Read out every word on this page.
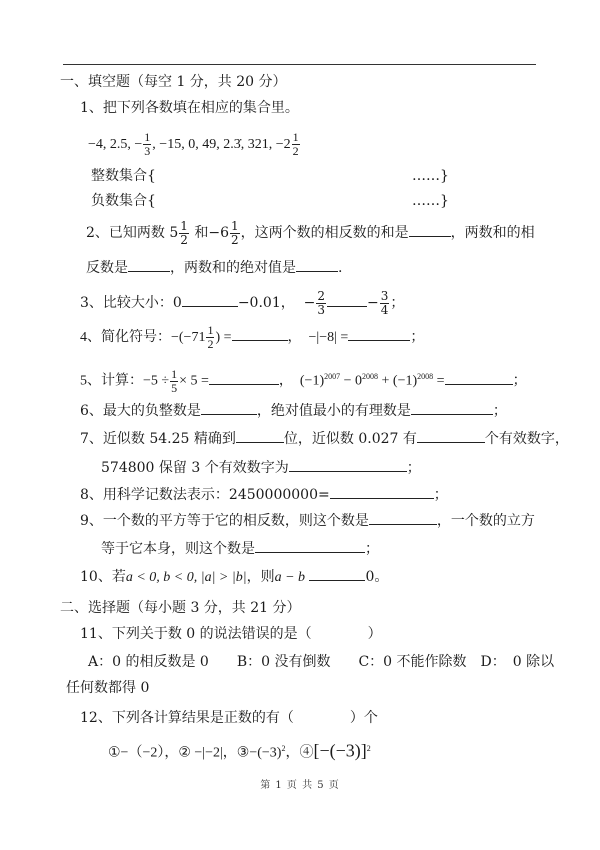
一、填空题（每空 1 分，共 20 分）
1、把下列各数填在相应的集合里。
−4, 2.5, − $\frac{1}{3}$ , −15, 0, 49, 2.3̇, 321, $-2 \frac{1}{2}$
整数集合{	……}
负数集合{	……}
2、已知两数 $5 \frac{1}{2}$ 和$-6 \frac{1}{2}$ ，这两个数的相反数的和是	，两数和的相
反数是	，两数和的绝对值是	.
3、比较大小：0	−0.01， − $\frac{2}{3}$	− $\frac{3}{4}$ ；
4、简化符号：$-(-71 \frac{1}{2}$ ) =	， −|−8| =	；
5、计算：$-5 \div \frac{1}{5} \times 5$ =	， $(-1)^{2007} - 0^{2008} + (-1)^{2008}$ =	；
6、最大的负整数是	，绝对值最小的有理数是	；
7、近似数 54.25 精确到	位，近似数 0.027 有	个有效数字，
574800 保留 3 个有效数字为	；
8、用科学记数法表示：2450000000=	；
9、一个数的平方等于它的相反数，则这个数是	，一个数的立方
等于它本身，则这个数是	；
10、若a < 0, b < 0, |a| > |b|，则a − b	0。
二、选择题（每小题 3 分，共 21 分）
11、下列关于数 0 的说法错误的是（　　　　）
A：0 的相反数是 0　　B：0 没有倒数　　C：0 不能作除数　D：　0 除以
任何数都得 0
12、下列各计算结果是正数的有（　　　　）个
①−（−2），② −|−2|，$③-(-3)^2$，$④[-(-3)]^2$
第 1 页 共 5 页
